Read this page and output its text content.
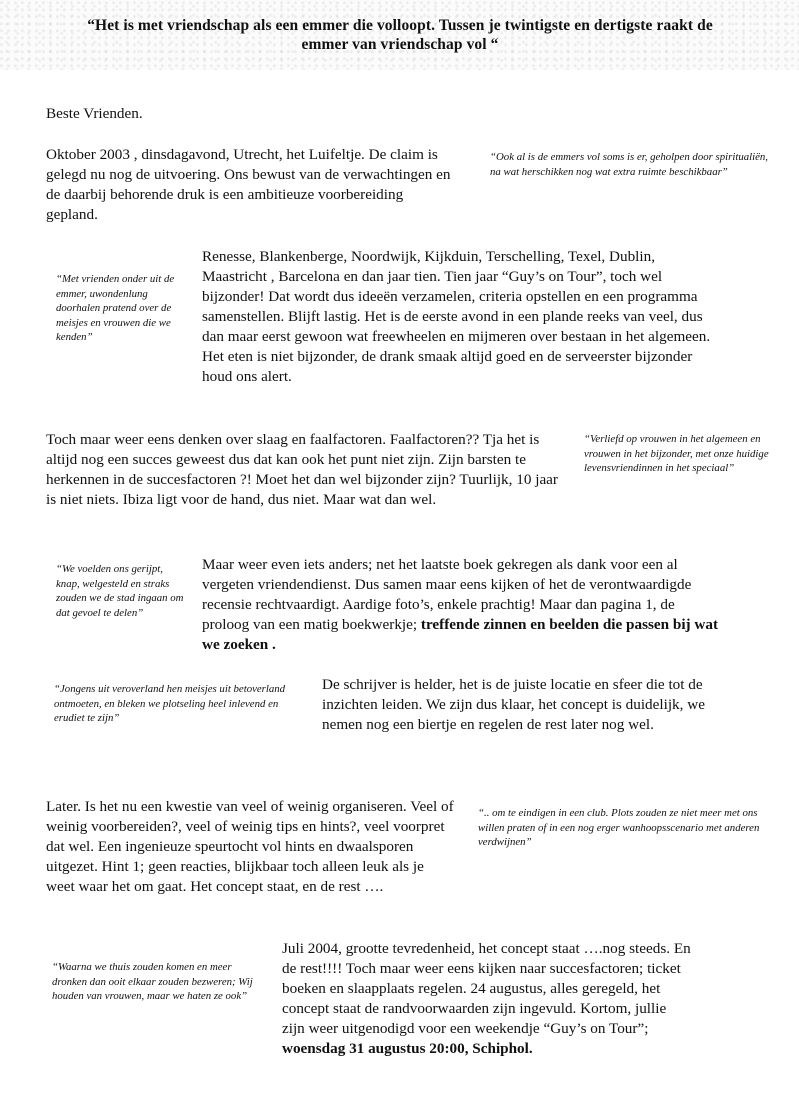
“Het is met vriendschap als een emmer die volloopt. Tussen je twintigste en dertigste raakt de
emmer van vriendschap vol “

Beste Vrienden.

Oktober 2003 , dinsdagavond, Utrecht, het Luifeltje. De claim is gelegd nu nog de uitvoering. Ons bewust van de verwachtingen en de daarbij behorende druk is een ambitieuze voorbereiding gepland.

“Ook al is de emmers vol soms is er, geholpen door spiritualiën, na wat herschikken nog wat extra ruimte beschikbaar”

“Met vrienden onder uit de emmer, uwondenlung doorhalen pratend over de meisjes en vrouwen die we kenden”

Renesse, Blankenberge, Noordwijk, Kijkduin, Terschelling, Texel, Dublin, Maastricht , Barcelona en dan jaar tien. Tien jaar “Guy’s on Tour”, toch wel bijzonder! Dat wordt dus ideeën verzamelen, criteria opstellen en een programma samenstellen. Blijft lastig. Het is de eerste avond in een plande reeks van veel, dus dan maar eerst gewoon wat freewheelen en mijmeren over bestaan in het algemeen. Het eten is niet bijzonder, de drank smaak altijd goed en de serveerster bijzonder houd ons alert.

Toch maar weer eens denken over slaag en faalfactoren. Faalfactoren?? Tja het is altijd nog een succes geweest dus dat kan ook het punt niet zijn. Zijn barsten te herkennen in de succesfactoren ?! Moet het dan wel bijzonder zijn? Tuurlijk, 10 jaar is niet niets. Ibiza ligt voor de hand, dus niet. Maar wat dan wel.

“Verliefd op vrouwen in het algemeen en vrouwen in het bijzonder, met onze huidige levensvriendinnen in het speciaal”

“We voelden ons gerijpt, knap, welgesteld en straks zouden we de stad ingaan om dat gevoel te delen”

Maar weer even iets anders; net het laatste boek gekregen als dank voor een al vergeten vriendendienst. Dus samen maar eens kijken of het de verontwaardigde recensie rechtvaardigt. Aardige foto’s, enkele prachtig! Maar dan pagina 1, de proloog van een matig boekwerkje; treffende zinnen en beelden die passen bij wat we zoeken .

“Jongens uit veroverland hen meisjes uit betoverland ontmoeten, en bleken we plotseling heel inlevend en erudiet te zijn”

De schrijver is helder, het is de juiste locatie en sfeer die tot de inzichten leiden. We zijn dus klaar, het concept is duidelijk, we nemen nog een biertje en regelen de rest later nog wel.

Later. Is het nu een kwestie van veel of weinig organiseren. Veel of weinig voorbereiden?, veel of weinig tips en hints?, veel voorpret dat wel. Een ingenieuze speurtocht vol hints en dwaalsporen uitgezet. Hint 1; geen reacties, blijkbaar toch alleen leuk als je weet waar het om gaat. Het concept staat, en de rest ….

“.. om te eindigen in een club. Plots zouden ze niet meer met ons willen praten of in een nog erger wanhoopsscenario met anderen verdwijnen”

“Waarna we thuis zouden komen en meer dronken dan ooit elkaar zouden bezweren; Wij houden van vrouwen, maar we haten ze ook”

Juli 2004, grootte tevredenheid, het concept staat ….nog steeds. En de rest!!!! Toch maar weer eens kijken naar succesfactoren; ticket boeken en slaapplaats regelen. 24 augustus, alles geregeld, het concept staat de randvoorwaarden zijn ingevuld. Kortom, jullie zijn weer uitgenodigd voor een weekendje “Guy’s on Tour”; woensdag 31 augustus 20:00, Schiphol.
